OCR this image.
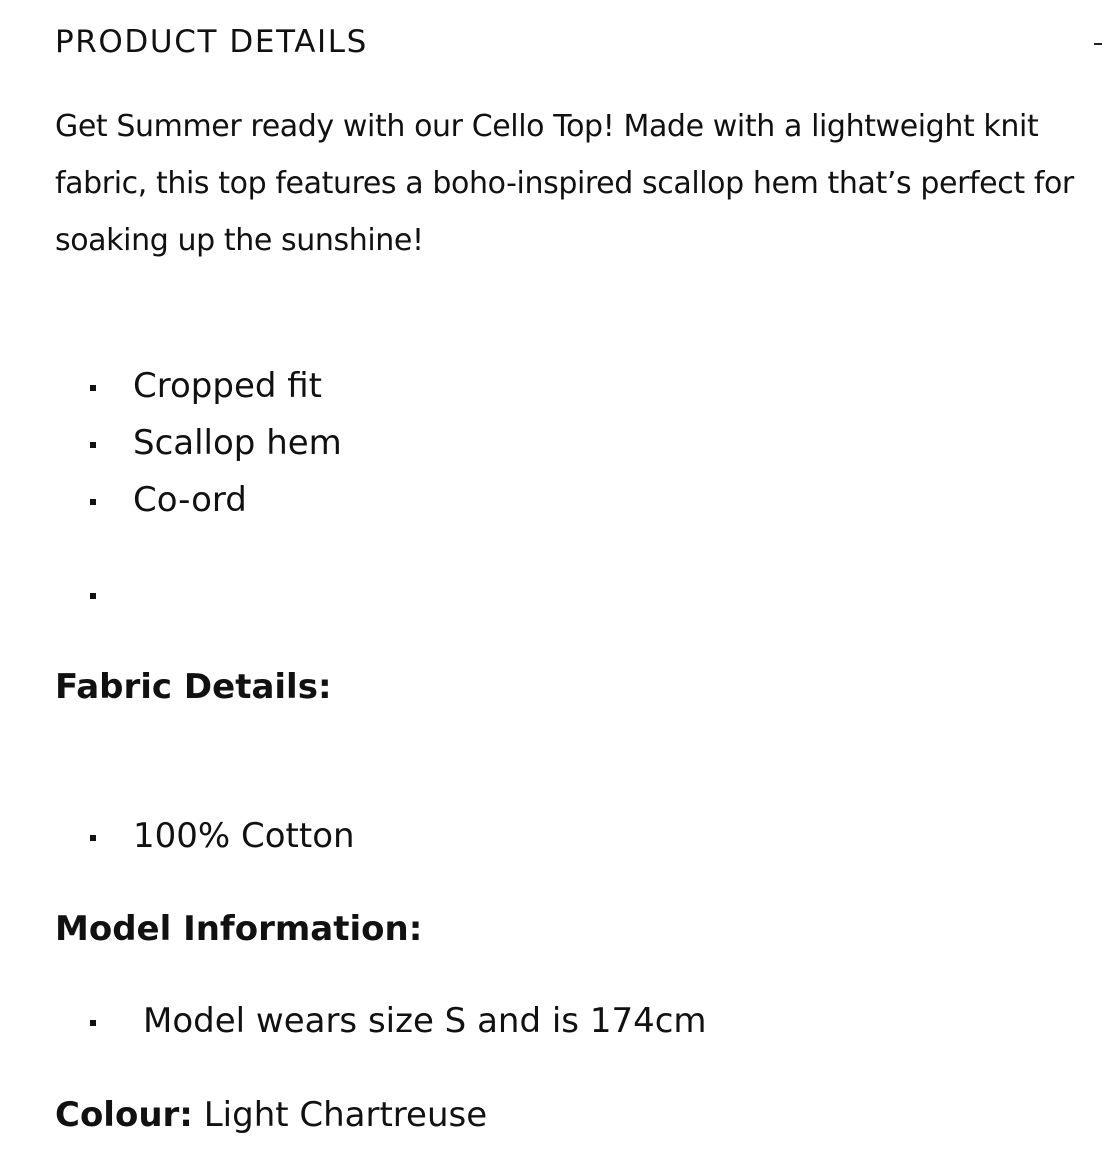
PRODUCT DETAILS

Get Summer ready with our Cello Top! Made with a lightweight knit fabric, this top features a boho-inspired scallop hem that’s perfect for soaking up the sunshine!

Cropped fit
Scallop hem
Co-ord
Fabric Details:
100% Cotton
Model Information:
Model wears size S and is 174cm

Colour: Light Chartreuse
